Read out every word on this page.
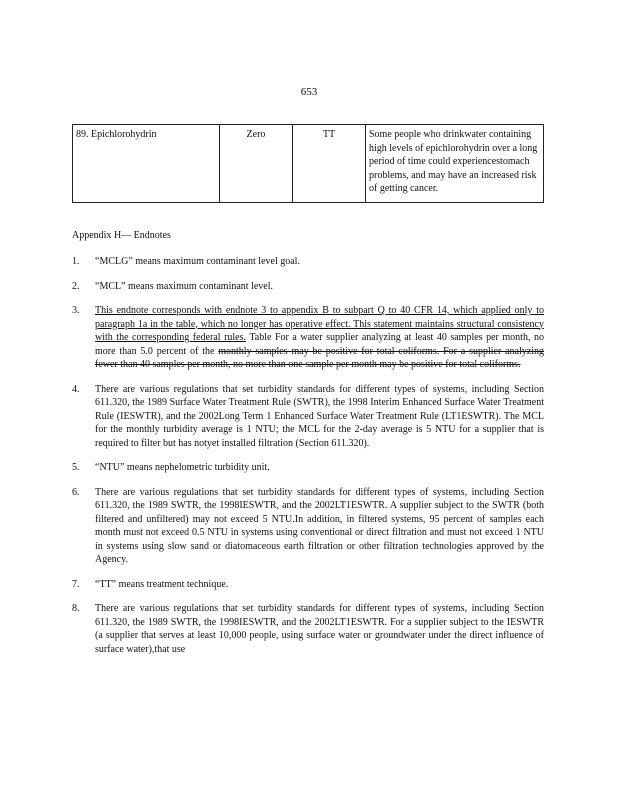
653
89. Epichlorohydrin	Zero	TT	Some people who drinkwater containing high levels of epichlorohydrin over a long period of time could experiencestomach problems, and may have an increased risk of getting cancer.
Appendix H— Endnotes
1. “MCLG” means maximum contaminant level goal.
2. “MCL” means maximum contaminant level.
3. This endnote corresponds with endnote 3 to appendix B to subpart Q to 40 CFR 14, which applied only to paragraph 1a in the table, which no longer has operative effect. This statement maintains structural consistency with the corresponding federal rules. Table For a water supplier analyzing at least 40 samples per month, no more than 5.0 percent of the monthly samples may be positive for total coliforms. For a supplier analyzing fewer than 40 samples per month, no more than one sample per month may be positive for total coliforms.
4. There are various regulations that set turbidity standards for different types of systems, including Section 611.320, the 1989 Surface Water Treatment Rule (SWTR), the 1998 Interim Enhanced Surface Water Treatment Rule (IESWTR), and the 2002Long Term 1 Enhanced Surface Water Treatment Rule (LT1ESWTR). The MCL for the monthly turbidity average is 1 NTU; the MCL for the 2-day average is 5 NTU for a supplier that is required to filter but has notyet installed filtration (Section 611.320).
5. “NTU” means nephelometric turbidity unit.
6. There are various regulations that set turbidity standards for different types of systems, including Section 611.320, the 1989 SWTR, the 1998IESWTR, and the 2002LT1ESWTR. A supplier subject to the SWTR (both filtered and unfiltered) may not exceed 5 NTU.In addition, in filtered systems, 95 percent of samples each month must not exceed 0.5 NTU in systems using conventional or direct filtration and must not exceed 1 NTU in systems using slow sand or diatomaceous earth filtration or other filtration technologies approved by the Agency.
7. “TT” means treatment technique.
8. There are various regulations that set turbidity standards for different types of systems, including Section 611.320, the 1989 SWTR, the 1998IESWTR, and the 2002LT1ESWTR. For a supplier subject to the IESWTR (a supplier that serves at least 10,000 people, using surface water or groundwater under the direct influence of surface water),that use
